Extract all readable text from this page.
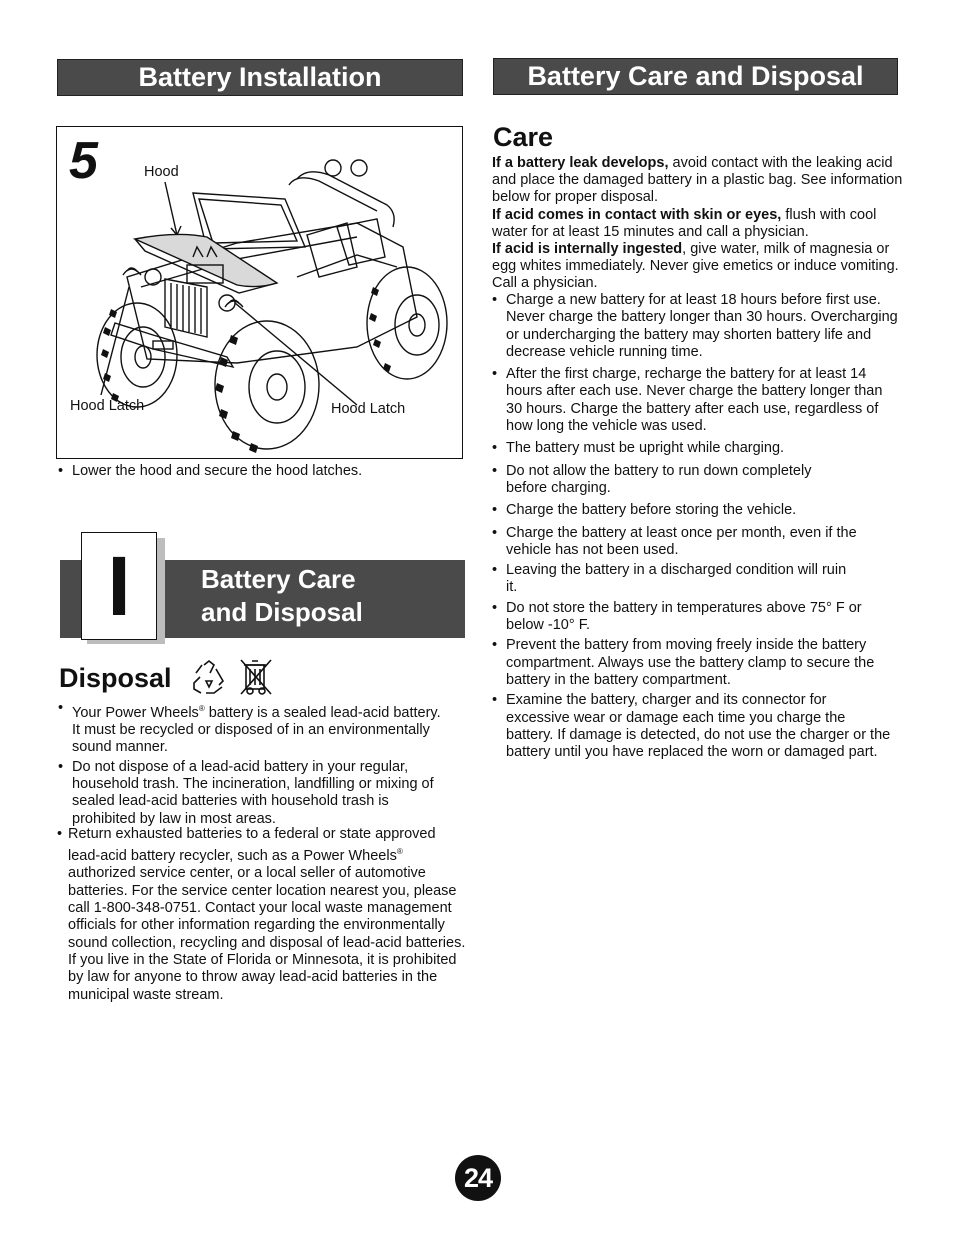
Battery Installation	Battery Care and Disposal
5	Hood
Hood Latch	Hood Latch
• Lower the hood and secure the hood latches.
Battery Care
and Disposal
I
Disposal
• Your Power Wheels® battery is a sealed lead-acid battery. It must be recycled or disposed of in an environmentally sound manner.
• Do not dispose of a lead-acid battery in your regular, household trash. The incineration, landfilling or mixing of sealed lead-acid batteries with household trash is prohibited by law in most areas.
• Return exhausted batteries to a federal or state approved lead-acid battery recycler, such as a Power Wheels® authorized service center, or a local seller of automotive batteries. For the service center location nearest you, please call 1-800-348-0751. Contact your local waste management officials for other information regarding the environmentally sound collection, recycling and disposal of lead-acid batteries. If you live in the State of Florida or Minnesota, it is prohibited by law for anyone to throw away lead-acid batteries in the municipal waste stream.
Care

If a battery leak develops, avoid contact with the leaking acid and place the damaged battery in a plastic bag. See information below for proper disposal.

If acid comes in contact with skin or eyes, flush with cool water for at least 15 minutes and call a physician.

If acid is internally ingested, give water, milk of magnesia or egg whites immediately. Never give emetics or induce vomiting. Call a physician.

• Charge a new battery for at least 18 hours before first use. Never charge the battery longer than 30 hours. Overcharging or undercharging the battery may shorten battery life and decrease vehicle running time.
• After the first charge, recharge the battery for at least 14 hours after each use. Never charge the battery longer than 30 hours. Charge the battery after each use, regardless of how long the vehicle was used.
• The battery must be upright while charging.
• Do not allow the battery to run down completely before charging.
• Charge the battery before storing the vehicle.
• Charge the battery at least once per month, even if the vehicle has not been used.
• Leaving the battery in a discharged condition will ruin it.
• Do not store the battery in temperatures above 75° F or below -10° F.
• Prevent the battery from moving freely inside the battery compartment. Always use the battery clamp to secure the battery in the battery compartment.
• Examine the battery, charger and its connector for excessive wear or damage each time you charge the battery. If damage is detected, do not use the charger or the battery until you have replaced the worn or damaged part.
24
